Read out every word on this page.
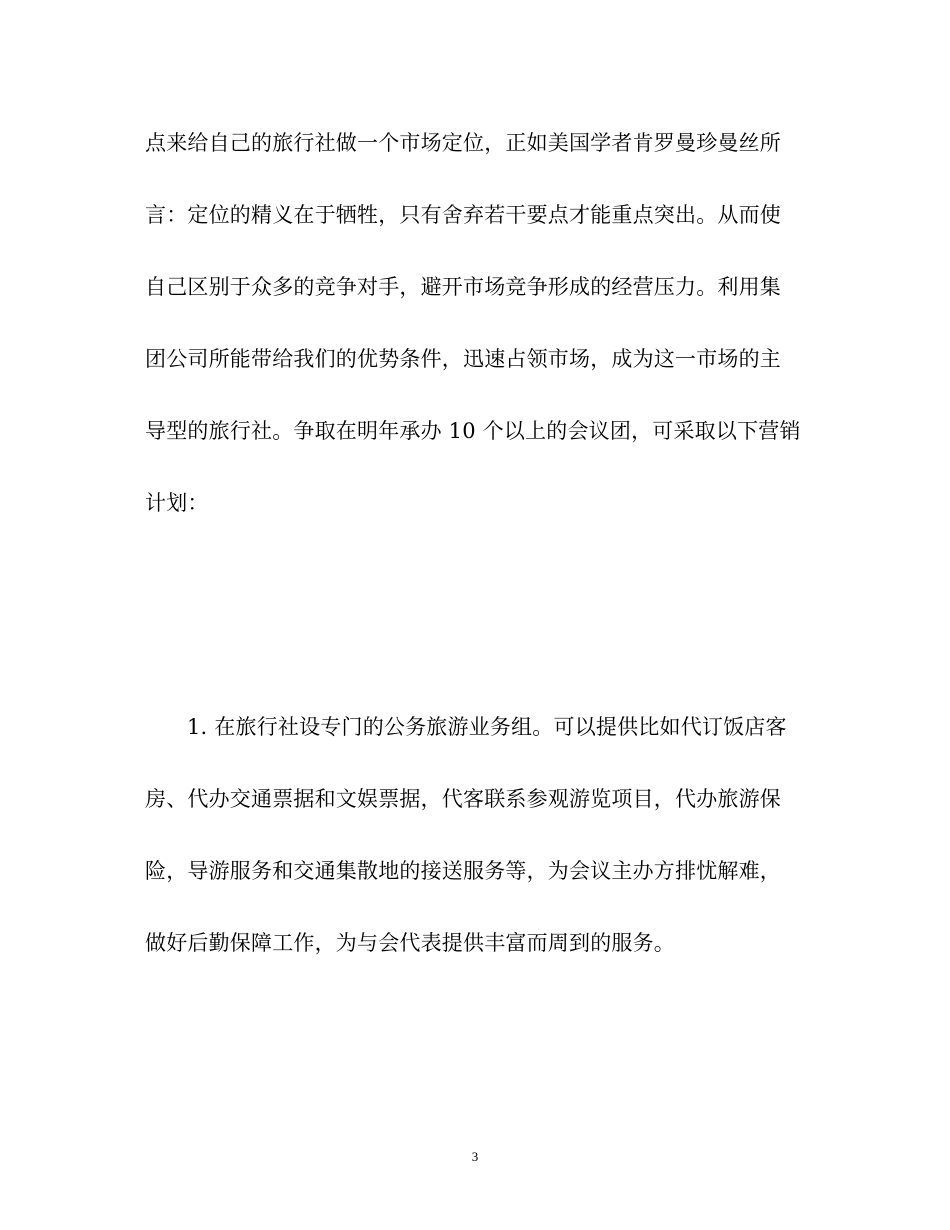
点来给自己的旅行社做一个市场定位，正如美国学者肯罗曼珍曼丝所
言：定位的精义在于牺牲，只有舍弃若干要点才能重点突出。从而使
自己区别于众多的竞争对手，避开市场竞争形成的经营压力。利用集
团公司所能带给我们的优势条件，迅速占领市场，成为这一市场的主
导型的旅行社。争取在明年承办 10 个以上的会议团，可采取以下营销
计划：
1. 在旅行社设专门的公务旅游业务组。可以提供比如代订饭店客
房、代办交通票据和文娱票据，代客联系参观游览项目，代办旅游保
险，导游服务和交通集散地的接送服务等，为会议主办方排忧解难，
做好后勤保障工作，为与会代表提供丰富而周到的服务。
3
